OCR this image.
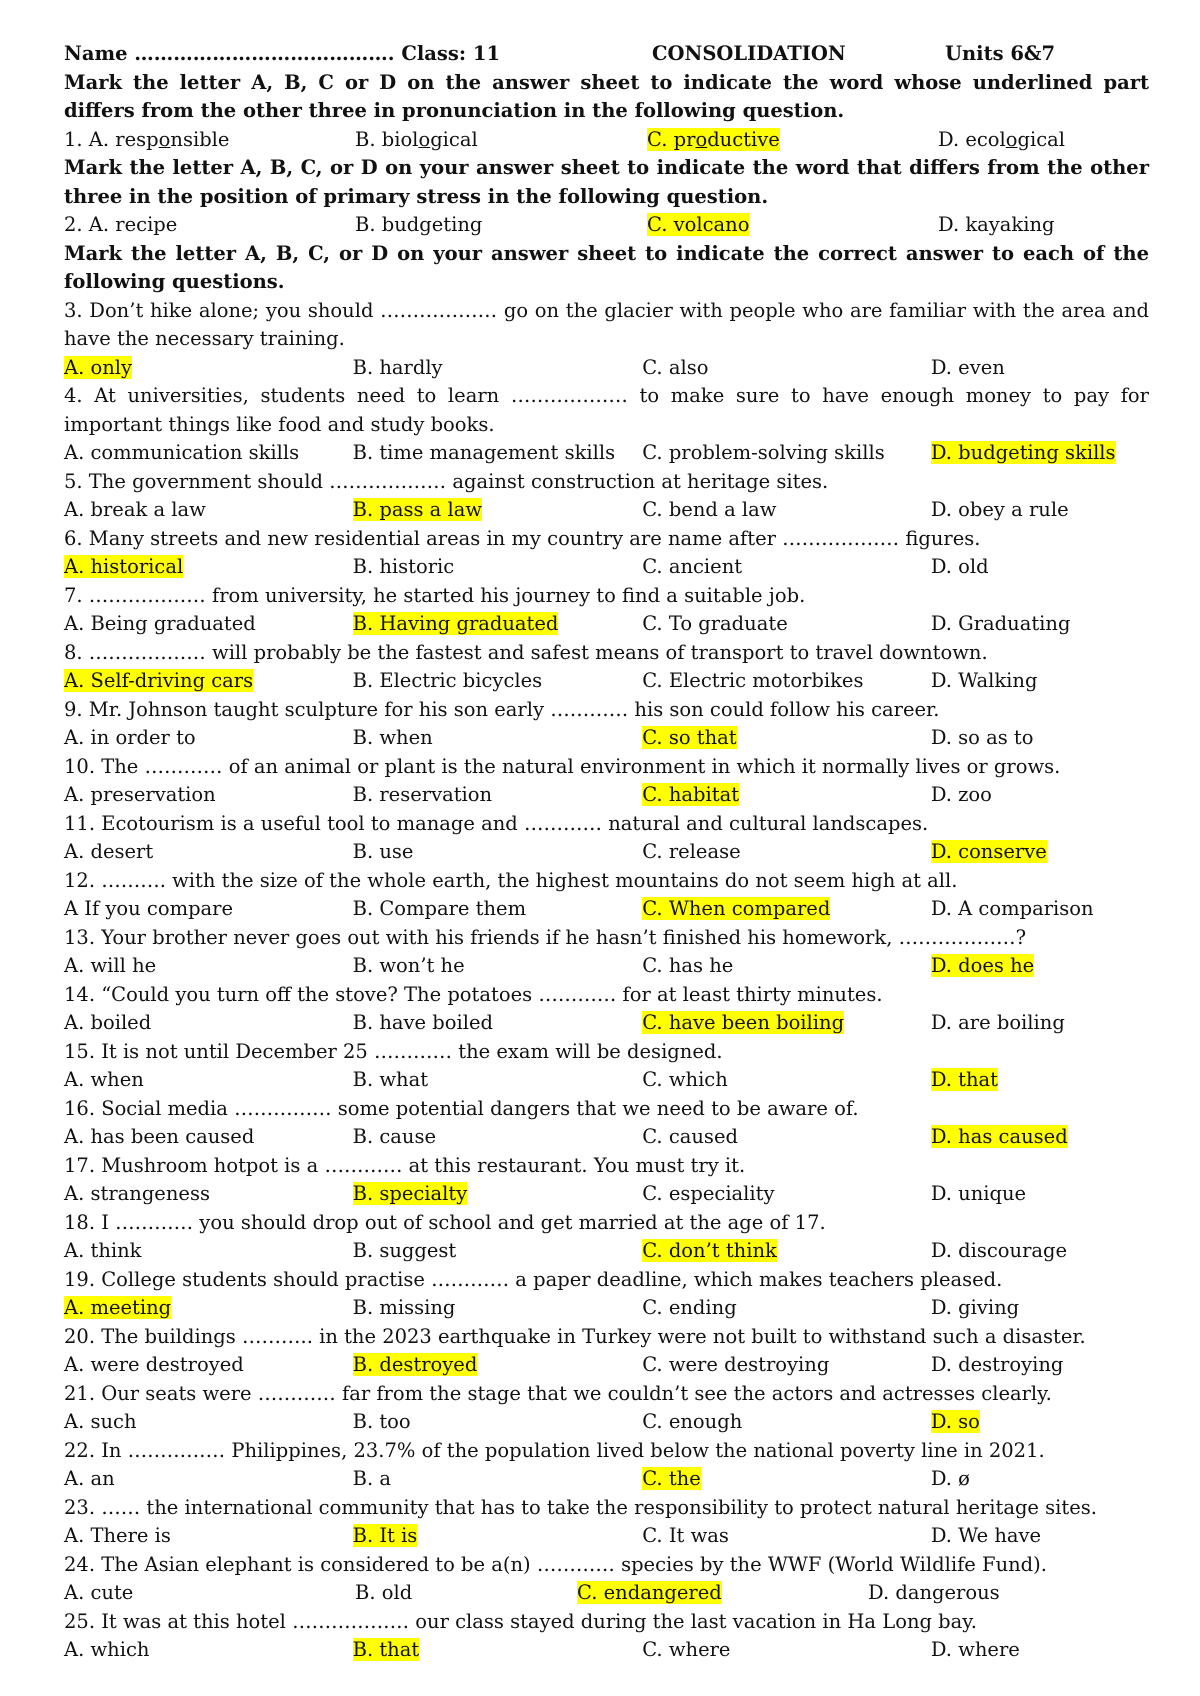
Name …………………………………. Class: 11	CONSOLIDATION	Units 6&7
Mark the letter A, B, C or D on the answer sheet to indicate the word whose underlined part differs from the other three in pronunciation in the following question.
1. A. responsible	B. biological	C. productive	D. ecological
Mark the letter A, B, C, or D on your answer sheet to indicate the word that differs from the other three in the position of primary stress in the following question.
2. A. recipe	B. budgeting	C. volcano	D. kayaking
Mark the letter A, B, C, or D on your answer sheet to indicate the correct answer to each of the following questions.
3. Don’t hike alone; you should ……………… go on the glacier with people who are familiar with the area and have the necessary training.
A. only	B. hardly	C. also	D. even
4. At universities, students need to learn ……………… to make sure to have enough money to pay for important things like food and study books.
A. communication skills	B. time management skills	C. problem-solving skills	D. budgeting skills
5. The government should ……………… against construction at heritage sites.
A. break a law	B. pass a law	C. bend a law	D. obey a rule
6. Many streets and new residential areas in my country are name after ……………… figures.
A. historical	B. historic	C. ancient	D. old
7. ……………… from university, he started his journey to find a suitable job.
A. Being graduated	B. Having graduated	C. To graduate	D. Graduating
8. ……………… will probably be the fastest and safest means of transport to travel downtown.
A. Self-driving cars	B. Electric bicycles	C. Electric motorbikes	D. Walking
9. Mr. Johnson taught sculpture for his son early ………… his son could follow his career.
A. in order to	B. when	C. so that	D. so as to
10. The ………… of an animal or plant is the natural environment in which it normally lives or grows.
A. preservation	B. reservation	C. habitat	D. zoo
11. Ecotourism is a useful tool to manage and ………… natural and cultural landscapes.
A. desert	B. use	C. release	D. conserve
12. ………. with the size of the whole earth, the highest mountains do not seem high at all.
A If you compare	B. Compare them	C. When compared	D. A comparison
13. Your brother never goes out with his friends if he hasn’t finished his homework, ………………?
A. will he	B. won’t he	C. has he	D. does he
14. “Could you turn off the stove? The potatoes ………… for at least thirty minutes.
A. boiled	B. have boiled	C. have been boiling	D. are boiling
15. It is not until December 25 ………… the exam will be designed.
A. when	B. what	C. which	D. that
16. Social media …………… some potential dangers that we need to be aware of.
A. has been caused	B. cause	C. caused	D. has caused
17. Mushroom hotpot is a ………… at this restaurant. You must try it.
A. strangeness	B. specialty	C. especiality	D. unique
18. I ………… you should drop out of school and get married at the age of 17.
A. think	B. suggest	C. don’t think	D. discourage
19. College students should practise ………… a paper deadline, which makes teachers pleased.
A. meeting	B. missing	C. ending	D. giving
20. The buildings ……….. in the 2023 earthquake in Turkey were not built to withstand such a disaster.
A. were destroyed	B. destroyed	C. were destroying	D. destroying
21. Our seats were ………… far from the stage that we couldn’t see the actors and actresses clearly.
A. such	B. too	C. enough	D. so
22. In …………… Philippines, 23.7% of the population lived below the national poverty line in 2021.
A. an	B. a	C. the	D. ø
23. …… the international community that has to take the responsibility to protect natural heritage sites.
A. There is	B. It is	C. It was	D. We have
24. The Asian elephant is considered to be a(n) ………… species by the WWF (World Wildlife Fund).
A. cute	B. old	C. endangered	D. dangerous
25. It was at this hotel ……………… our class stayed during the last vacation in Ha Long bay.
A. which	B. that	C. where	D. where
